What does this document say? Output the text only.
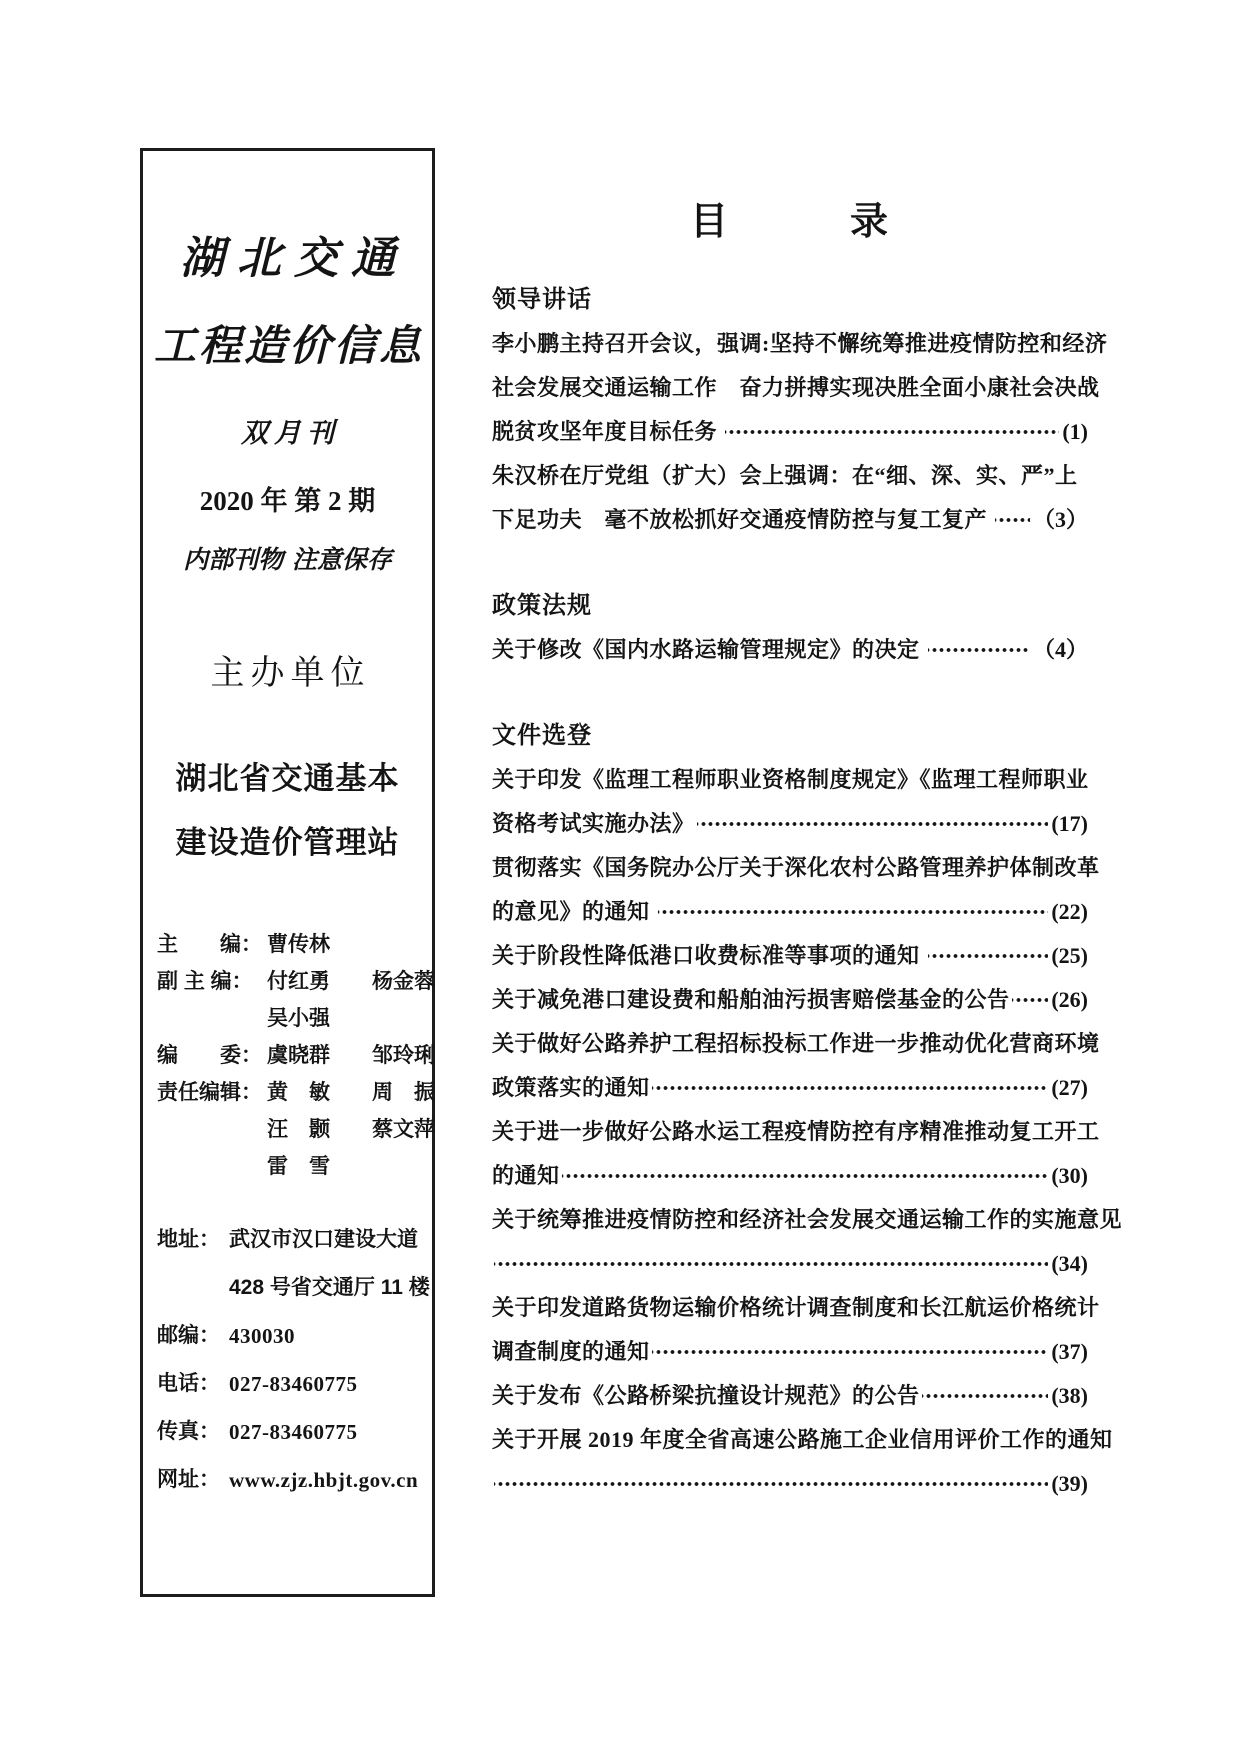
湖北交通
工程造价信息
双月刊
2020 年 第 2 期
内部刊物 注意保存
主办单位
湖北省交通基本
建设造价管理站
主　　编： 曹传林
副 主 编： 付红勇　　杨金蓉
吴小强
编　　委： 虞晓群　　邹玲琍
责任编辑： 黄　敏　　周　振
汪　颢　　蔡文萍
雷　雪
地址： 武汉市汉口建设大道
428 号省交通厅 11 楼
邮编： 430030
电话： 027-83460775
传真： 027-83460775
网址： www.zjz.hbjt.gov.cn
目　　　录
领导讲话
李小鹏主持召开会议，强调:坚持不懈统筹推进疫情防控和经济
社会发展交通运输工作　奋力拼搏实现决胜全面小康社会决战
脱贫攻坚年度目标任务	(1)
朱汉桥在厅党组（扩大）会上强调：在“细、深、实、严”上
下足功夫　毫不放松抓好交通疫情防控与复工复产 （3）
政策法规
关于修改《国内水路运输管理规定》的决定	（4）
文件选登
关于印发《监理工程师职业资格制度规定》《监理工程师职业
资格考试实施办法》	(17)
贯彻落实《国务院办公厅关于深化农村公路管理养护体制改革
的意见》的通知	(22)
关于阶段性降低港口收费标准等事项的通知	(25)
关于减免港口建设费和船舶油污损害赔偿基金的公告 (26)
关于做好公路养护工程招标投标工作进一步推动优化营商环境
政策落实的通知	(27)
关于进一步做好公路水运工程疫情防控有序精准推动复工开工
的通知	(30)
关于统筹推进疫情防控和经济社会发展交通运输工作的实施意见
(34)
关于印发道路货物运输价格统计调查制度和长江航运价格统计
调查制度的通知	(37)
关于发布《公路桥梁抗撞设计规范》的公告	(38)
关于开展 2019 年度全省高速公路施工企业信用评价工作的通知
(39)
